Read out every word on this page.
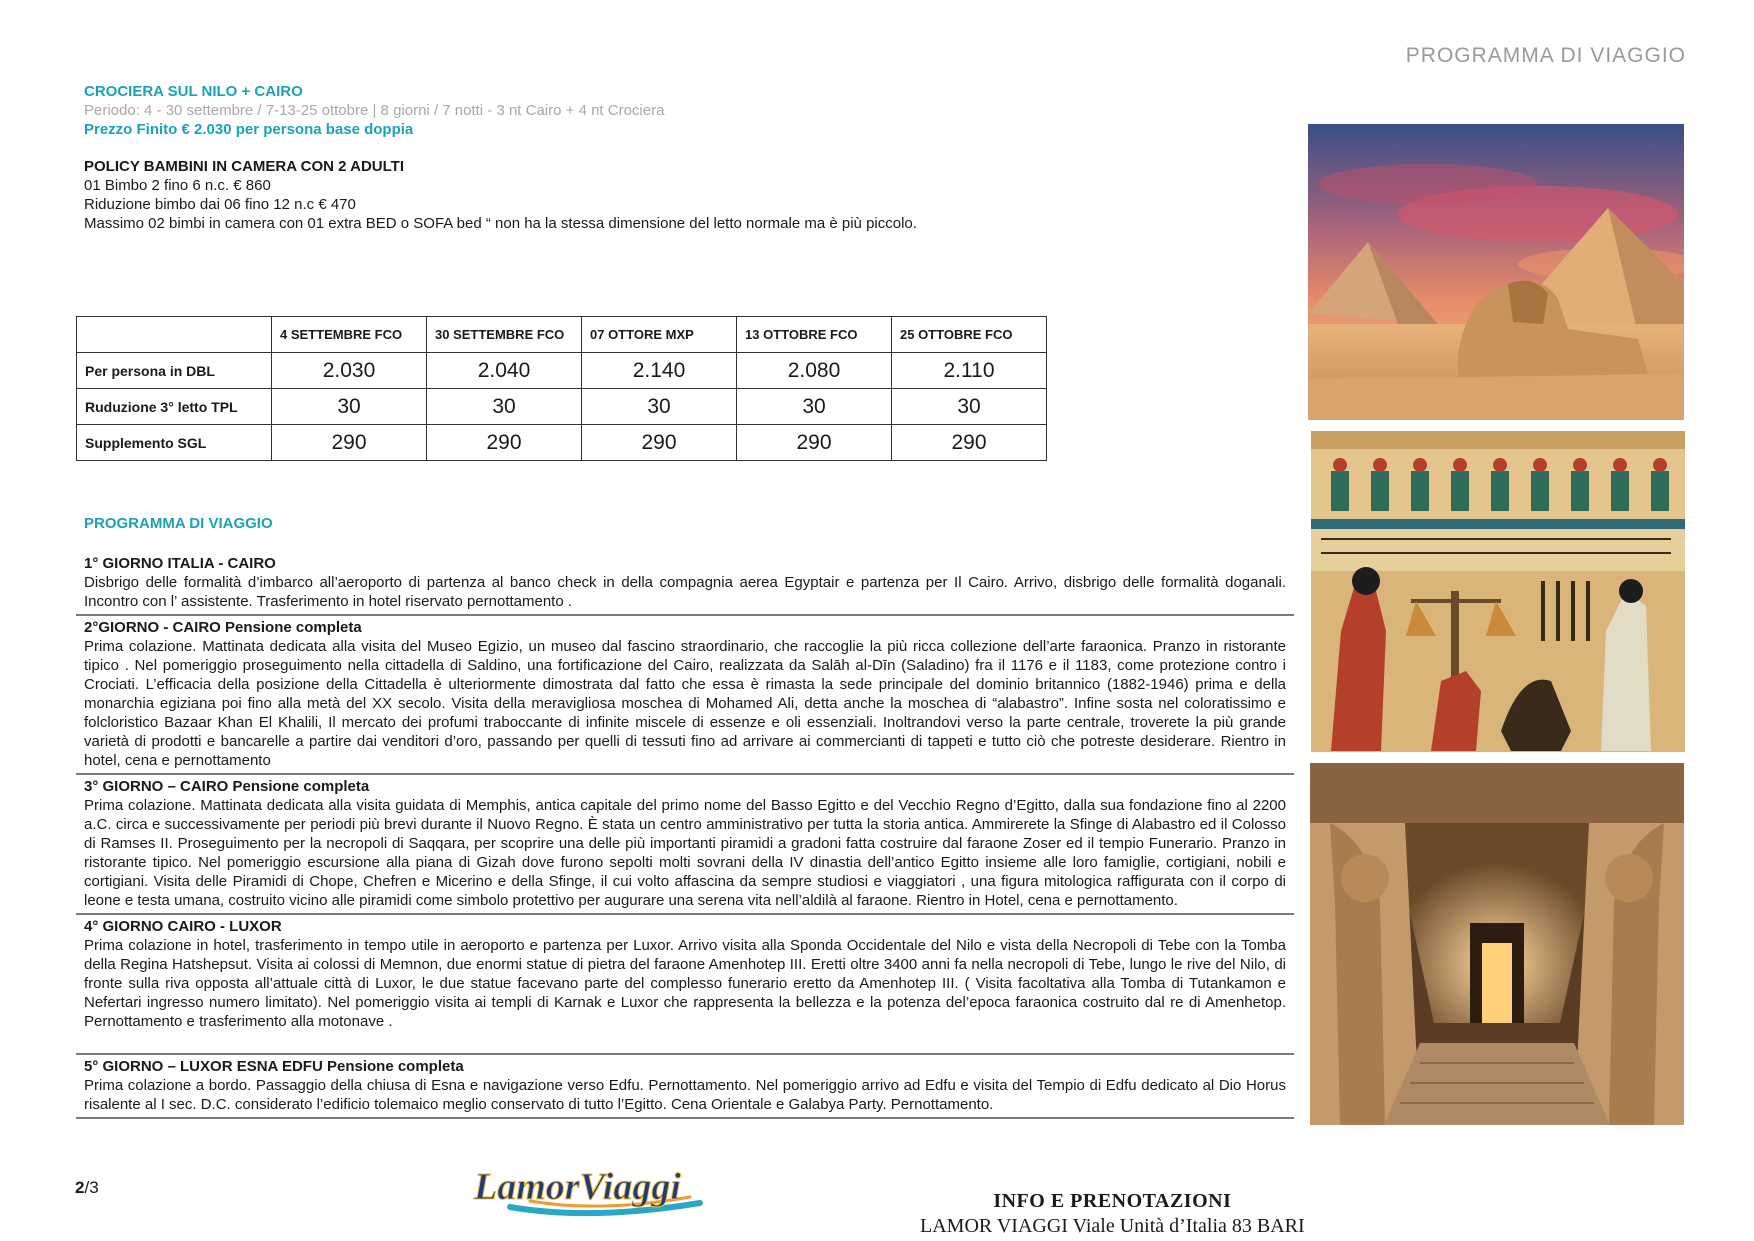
PROGRAMMA DI VIAGGIO
CROCIERA SUL NILO + CAIRO
Periodo: 4 - 30 settembre / 7-13-25 ottobre | 8 giorni / 7 notti - 3 nt Cairo + 4 nt Crociera
Prezzo Finito € 2.030 per persona base doppia
POLICY BAMBINI IN CAMERA CON 2 ADULTI
01 Bimbo 2 fino 6 n.c. € 860
Riduzione bimbo dai 06 fino 12 n.c € 470
Massimo 02 bimbi in camera con 01 extra BED o SOFA bed “ non ha la stessa dimensione del letto normale ma è più piccolo.
	4 SETTEMBRE FCO	30 SETTEMBRE FCO	07 OTTORE MXP	13 OTTOBRE FCO	25 OTTOBRE FCO
Per persona in DBL	2.030	2.040	2.140	2.080	2.110
Ruduzione 3° letto TPL	30	30	30	30	30
Supplemento SGL	290	290	290	290	290
PROGRAMMA DI VIAGGIO
1° GIORNO ITALIA - CAIRO
Disbrigo delle formalità d’imbarco all’aeroporto di partenza al banco check in della compagnia aerea Egyptair e partenza per Il Cairo. Arrivo, disbrigo delle formalità doganali. Incontro con l’ assistente. Trasferimento in hotel riservato pernottamento .
2°GIORNO - CAIRO Pensione completa
Prima colazione. Mattinata dedicata alla visita del Museo Egizio, un museo dal fascino straordinario, che raccoglie la più ricca collezione dell’arte faraonica. Pranzo in ristorante tipico . Nel pomeriggio proseguimento nella cittadella di Saldino, una fortificazione del Cairo, realizzata da Salāh al-Dīn (Saladino) fra il 1176 e il 1183, come protezione contro i Crociati. L’efficacia della posizione della Cittadella è ulteriormente dimostrata dal fatto che essa è rimasta la sede principale del dominio britannico (1882-1946) prima e della monarchia egiziana poi fino alla metà del XX secolo. Visita della meravigliosa moschea di Mohamed Ali, detta anche la moschea di “alabastro”. Infine sosta nel coloratissimo e folcloristico Bazaar Khan El Khalili, Il mercato dei profumi traboccante di infinite miscele di essenze e oli essenziali. Inoltrandovi verso la parte centrale, troverete la più grande varietà di prodotti e bancarelle a partire dai venditori d’oro, passando per quelli di tessuti fino ad arrivare ai commercianti di tappeti e tutto ciò che potreste desiderare. Rientro in hotel, cena e pernottamento
3° GIORNO – CAIRO Pensione completa
Prima colazione. Mattinata dedicata alla visita guidata di Memphis, antica capitale del primo nome del Basso Egitto e del Vecchio Regno d’Egitto, dalla sua fondazione fino al 2200 a.C. circa e successivamente per periodi più brevi durante il Nuovo Regno. È stata un centro amministrativo per tutta la storia antica. Ammirerete la Sfinge di Alabastro ed il Colosso di Ramses II. Proseguimento per la necropoli di Saqqara, per scoprire una delle più importanti piramidi a gradoni fatta costruire dal faraone Zoser ed il tempio Funerario. Pranzo in ristorante tipico. Nel pomeriggio escursione alla piana di Gizah dove furono sepolti molti sovrani della IV dinastia dell’antico Egitto insieme alle loro famiglie, cortigiani, nobili e cortigiani. Visita delle Piramidi di Chope, Chefren e Micerino e della Sfinge, il cui volto affascina da sempre studiosi e viaggiatori , una figura mitologica raffigurata con il corpo di leone e testa umana, costruito vicino alle piramidi come simbolo protettivo per augurare una serena vita nell’aldilà al faraone. Rientro in Hotel, cena e pernottamento.
4° GIORNO CAIRO - LUXOR
Prima colazione in hotel, trasferimento in tempo utile in aeroporto e partenza per Luxor. Arrivo visita alla Sponda Occidentale del Nilo e vista della Necropoli di Tebe con la Tomba della Regina Hatshepsut. Visita ai colossi di Memnon, due enormi statue di pietra del faraone Amenhotep III. Eretti oltre 3400 anni fa nella necropoli di Tebe, lungo le rive del Nilo, di fronte sulla riva opposta all’attuale città di Luxor, le due statue facevano parte del complesso funerario eretto da Amenhotep III. ( Visita facoltativa alla Tomba di Tutankamon e Nefertari ingresso numero limitato). Nel pomeriggio visita ai templi di Karnak e Luxor che rappresenta la bellezza e la potenza del’epoca faraonica costruito dal re di Amenhetop. Pernottamento e trasferimento alla motonave .
5° GIORNO – LUXOR ESNA EDFU Pensione completa
Prima colazione a bordo. Passaggio della chiusa di Esna e navigazione verso Edfu. Pernottamento. Nel pomeriggio arrivo ad Edfu e visita del Tempio di Edfu dedicato al Dio Horus risalente al I sec. D.C. considerato l’edificio tolemaico meglio conservato di tutto l’Egitto. Cena Orientale e Galabya Party. Pernottamento.
2/3	LamorViaggi	INFO E PRENOTAZIONI
LAMOR VIAGGI Viale Unità d’Italia 83 BARI
